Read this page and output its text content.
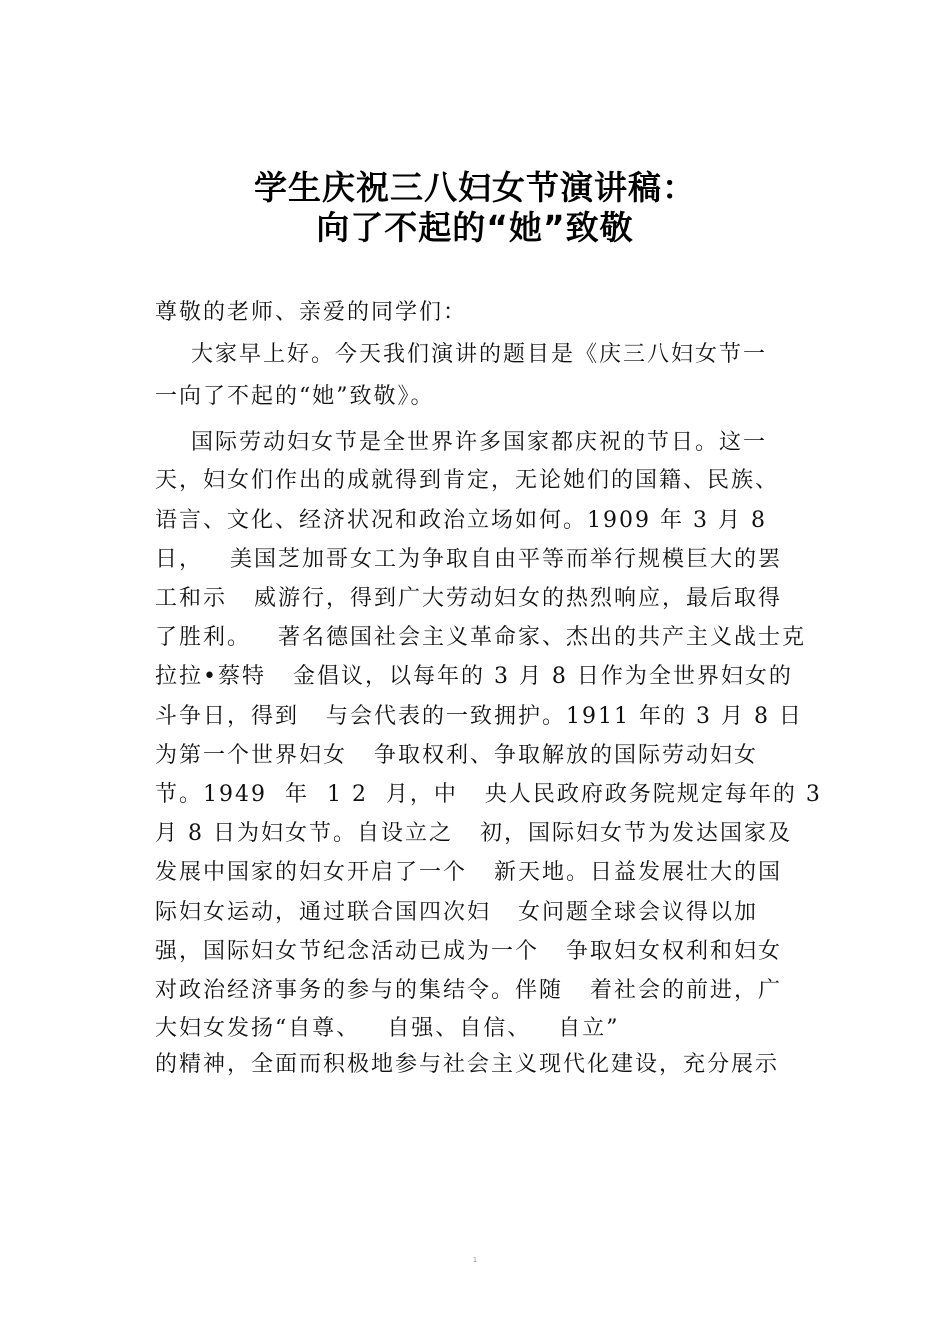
学生庆祝三八妇女节演讲稿：
向了不起的“她”致敬
尊敬的老师、亲爱的同学们：
大家早上好。今天我们演讲的题目是《庆三八妇女节一
一向了不起的“她”致敬》。
国际劳动妇女节是全世界许多国家都庆祝的节日。这一
天，妇女们作出的成就得到肯定，无论她们的国籍、民族、
语言、文化、经济状况和政治立场如何。1909 年 3 月 8
日，   美国芝加哥女工为争取自由平等而举行规模巨大的罢
工和示   威游行，得到广大劳动妇女的热烈响应，最后取得
了胜利。   著名德国社会主义革命家、杰出的共产主义战士克
拉拉•蔡特   金倡议，以每年的 3 月 8 日作为全世界妇女的
斗争日，得到   与会代表的一致拥护。1911 年的 3 月 8 日
为第一个世界妇女   争取权利、争取解放的国际劳动妇女
节。1949  年  1 2  月，中   央人民政府政务院规定每年的 3
月 8 日为妇女节。自设立之   初，国际妇女节为发达国家及
发展中国家的妇女开启了一个   新天地。日益发展壮大的国
际妇女运动，通过联合国四次妇   女问题全球会议得以加
强，国际妇女节纪念活动已成为一个   争取妇女权利和妇女
对政治经济事务的参与的集结令。伴随   着社会的前进，广
大妇女发扬“自尊、   自强、自信、   自立”
的精神，全面而积极地参与社会主义现代化建设，充分展示
1
